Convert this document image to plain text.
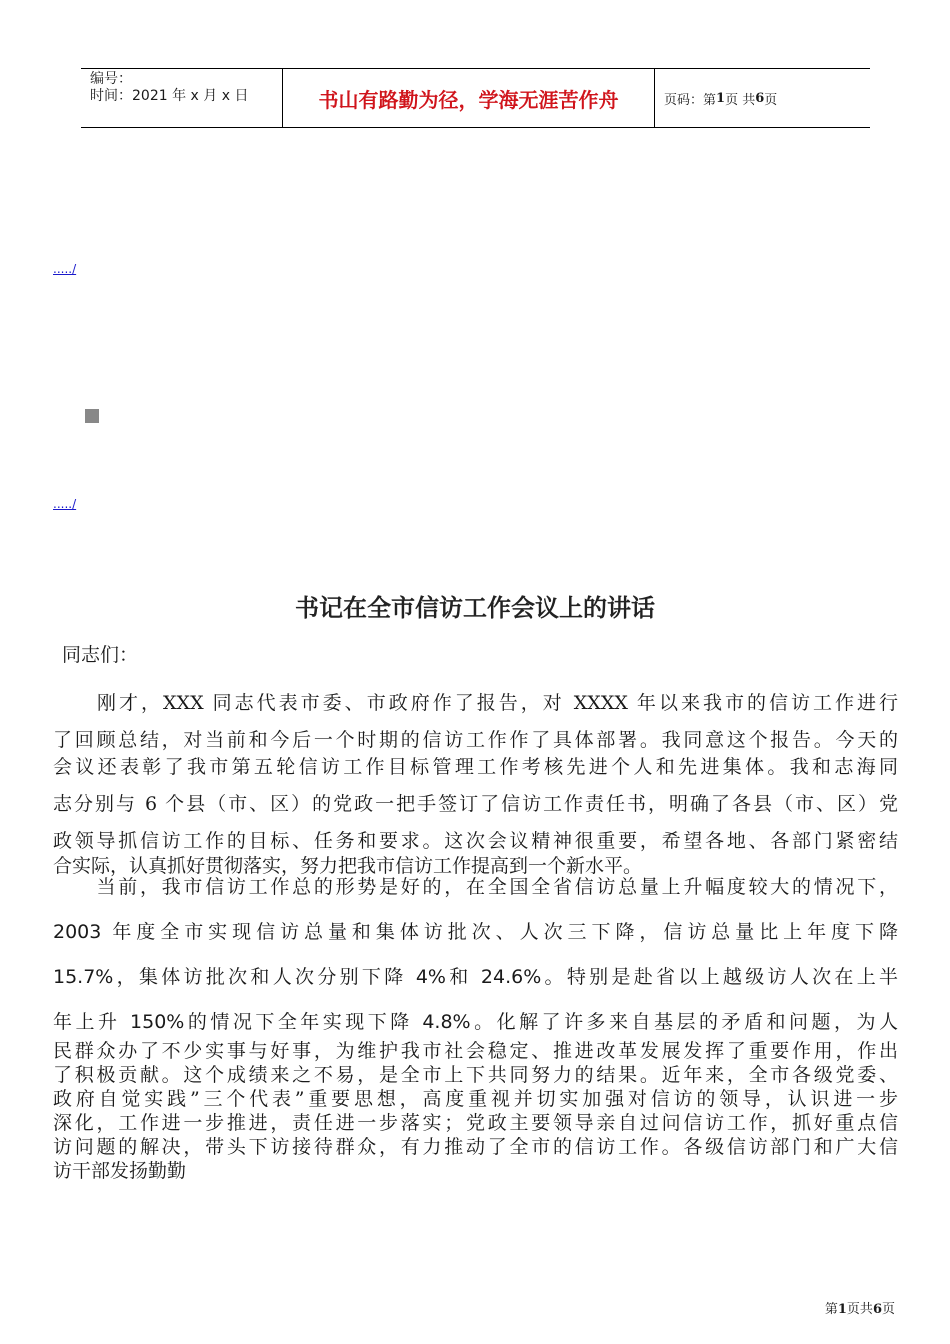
编号：
时间：2021 年 x 月 x 日	书山有路勤为径，学海无涯苦作舟	页码：第 1 页 共 6 页
...../
...../
书记在全市信访工作会议上的讲话
同志们：
　　刚才，XXX 同志代表市委、市政府作了报告，对 XXXX 年以来我市的信访工作进行
了回顾总结，对当前和今后一个时期的信访工作作了具体部署。我同意这个报告。今天的
会议还表彰了我市第五轮信访工作目标管理工作考核先进个人和先进集体。我和志海同
志分别与 6 个县（市、区）的党政一把手签订了信访工作责任书，明确了各县（市、区）党
政领导抓信访工作的目标、任务和要求。这次会议精神很重要，希望各地、各部门紧密结
合实际，认真抓好贯彻落实，努力把我市信访工作提高到一个新水平。
　　当前，我市信访工作总的形势是好的，在全国全省信访总量上升幅度较大的情况下，
2003 年度全市实现信访总量和集体访批次、人次三下降，信访总量比上年度下降
15.7%，集体访批次和人次分别下降 4%和 24.6%。特别是赴省以上越级访人次在上半
年上升 150%的情况下全年实现下降 4.8%。化解了许多来自基层的矛盾和问题，为人
民群众办了不少实事与好事，为维护我市社会稳定、推进改革发展发挥了重要作用，作出
了积极贡献。这个成绩来之不易，是全市上下共同努力的结果。近年来，全市各级党委、
政府自觉实践”三个代表”重要思想，高度重视并切实加强对信访的领导，认识进一步
深化，工作进一步推进，责任进一步落实；党政主要领导亲自过问信访工作，抓好重点信
访问题的解决，带头下访接待群众，有力推动了全市的信访工作。各级信访部门和广大信
访干部发扬勤勤
第1页共6页
